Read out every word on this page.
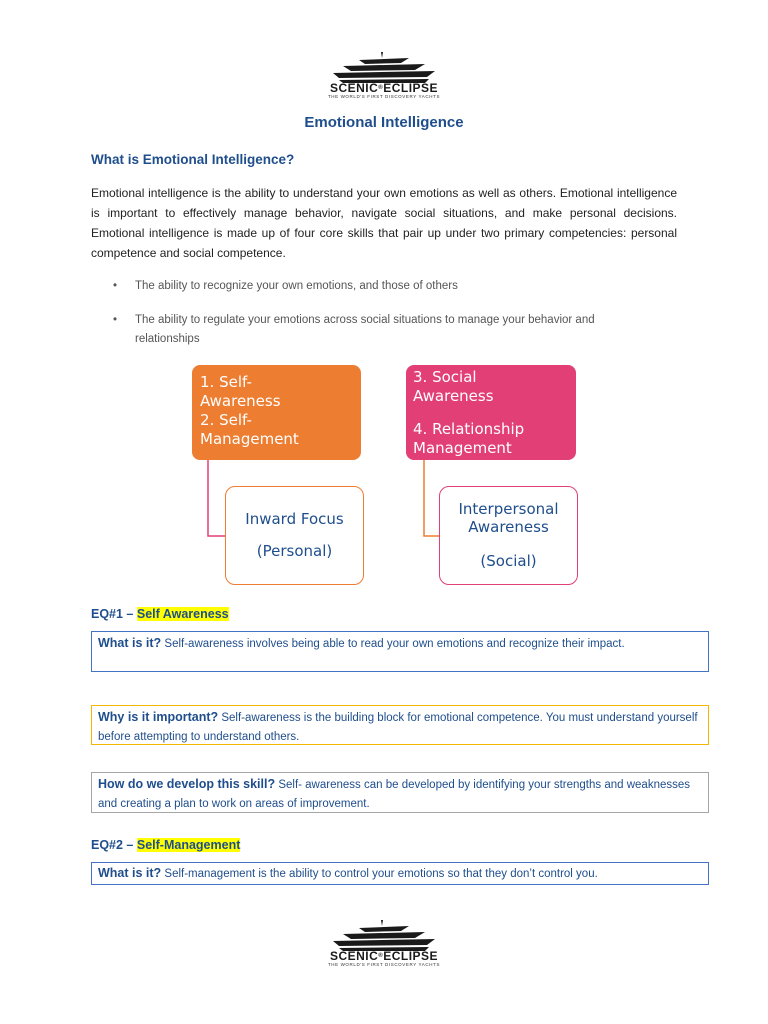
SCENIC®ECLIPSE
THE WORLD'S FIRST DISCOVERY YACHTS
Emotional Intelligence
What is Emotional Intelligence?

Emotional intelligence is the ability to understand your own emotions as well as others. Emotional intelligence is important to effectively manage behavior, navigate social situations, and make personal decisions. Emotional intelligence is made up of four core skills that pair up under two primary competencies: personal competence and social competence.

• The ability to recognize your own emotions, and those of others
• The ability to regulate your emotions across social situations to manage your behavior and relationships
1. Self-
Awareness
2. Self-
Management
3. Social
Awareness
4. Relationship
Management
Inward Focus
(Personal)
Interpersonal
Awareness
(Social)
EQ#1 – Self Awareness
What is it? Self-awareness involves being able to read your own emotions and recognize their impact.
Why is it important? Self-awareness is the building block for emotional competence. You must understand yourself before attempting to understand others.
How do we develop this skill? Self- awareness can be developed by identifying your strengths and weaknesses and creating a plan to work on areas of improvement.
EQ#2 – Self-Management
What is it? Self-management is the ability to control your emotions so that they don’t control you.
SCENIC®ECLIPSE
THE WORLD'S FIRST DISCOVERY YACHTS
